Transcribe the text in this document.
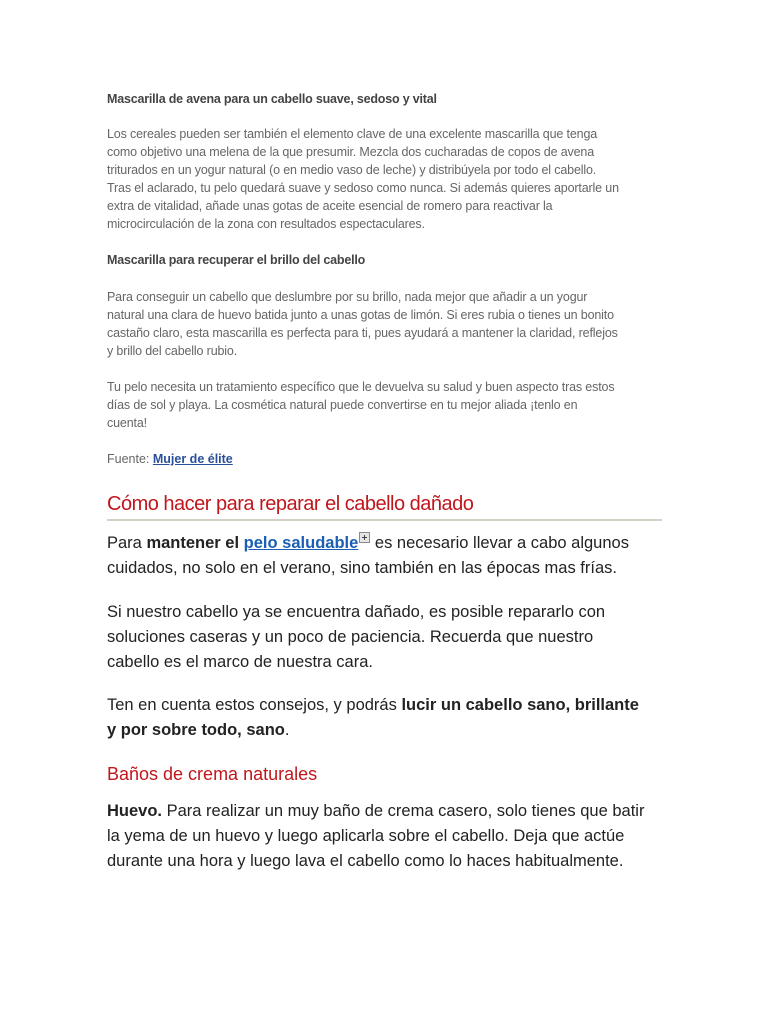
Mascarilla de avena para un cabello suave, sedoso y vital

Los cereales pueden ser también el elemento clave de una excelente mascarilla que tenga
como objetivo una melena de la que presumir. Mezcla dos cucharadas de copos de avena
triturados en un yogur natural (o en medio vaso de leche) y distribúyela por todo el cabello.
Tras el aclarado, tu pelo quedará suave y sedoso como nunca. Si además quieres aportarle un
extra de vitalidad, añade unas gotas de aceite esencial de romero para reactivar la
microcirculación de la zona con resultados espectaculares.

Mascarilla para recuperar el brillo del cabello

Para conseguir un cabello que deslumbre por su brillo, nada mejor que añadir a un yogur
natural una clara de huevo batida junto a unas gotas de limón. Si eres rubia o tienes un bonito
castaño claro, esta mascarilla es perfecta para ti, pues ayudará a mantener la claridad, reflejos
y brillo del cabello rubio.

Tu pelo necesita un tratamiento específico que le devuelva su salud y buen aspecto tras estos
días de sol y playa. La cosmética natural puede convertirse en tu mejor aliada ¡tenlo en
cuenta!

Fuente: Mujer de élite
Cómo hacer para reparar el cabello dañado

Para mantener el pelo saludable es necesario llevar a cabo algunos
cuidados, no solo en el verano, sino también en las épocas mas frías.

Si nuestro cabello ya se encuentra dañado, es posible repararlo con
soluciones caseras y un poco de paciencia. Recuerda que nuestro
cabello es el marco de nuestra cara.

Ten en cuenta estos consejos, y podrás lucir un cabello sano, brillante
y por sobre todo, sano.

Baños de crema naturales

Huevo. Para realizar un muy baño de crema casero, solo tienes que batir
la yema de un huevo y luego aplicarla sobre el cabello. Deja que actúe
durante una hora y luego lava el cabello como lo haces habitualmente.
